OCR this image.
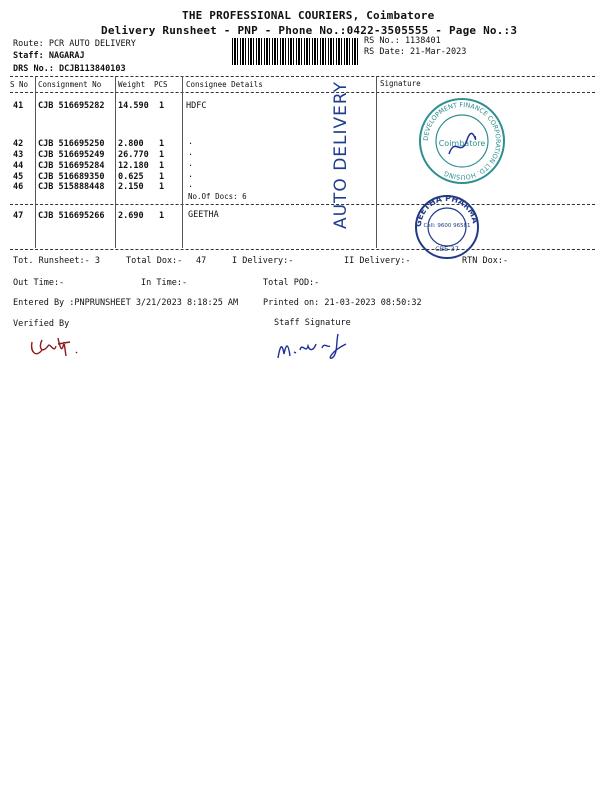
THE PROFESSIONAL COURIERS, Coimbatore
Delivery Runsheet - PNP - Phone No.:0422-3505555 - Page No.:3
Route: PCR AUTO DELIVERY
Staff: NAGARAJ
DRS No.: DCJB113840103
RS No.: 1138401
RS Date: 21-Mar-2023
S No Consignment No Weight PCS Consignee Details	Signature
41 CJB 516695282 14.590 1	HDFC
42 CJB 516695250 2.800 1	.
43 CJB 516695249 26.770 1	.
44 CJB 516695284 12.180 1	.
45 CJB 516689350 0.625 1	.
46 CJB 515888448 2.150 1	.
No.Of Docs: 6
47 CJB 516695266 2.690 1	GEETHA	AUTO DELIVERY	DEVELOPMENT FINANCE CORPORATION LTD. HOUSING
Coimbatore
GEETHA PHARMA
Cell: 9600 96581
CBE-37
Tot. Runsheet:- 3	Total Dox:- 47	I Delivery:-	II Delivery:-	RTN Dox:-
Out Time:-	In Time:-	Total POD:-
Entered By :PNPRUNSHEET 3/21/2023 8:18:25 AM	Printed on: 21-03-2023 08:50:32
Verified By	Staff Signature
